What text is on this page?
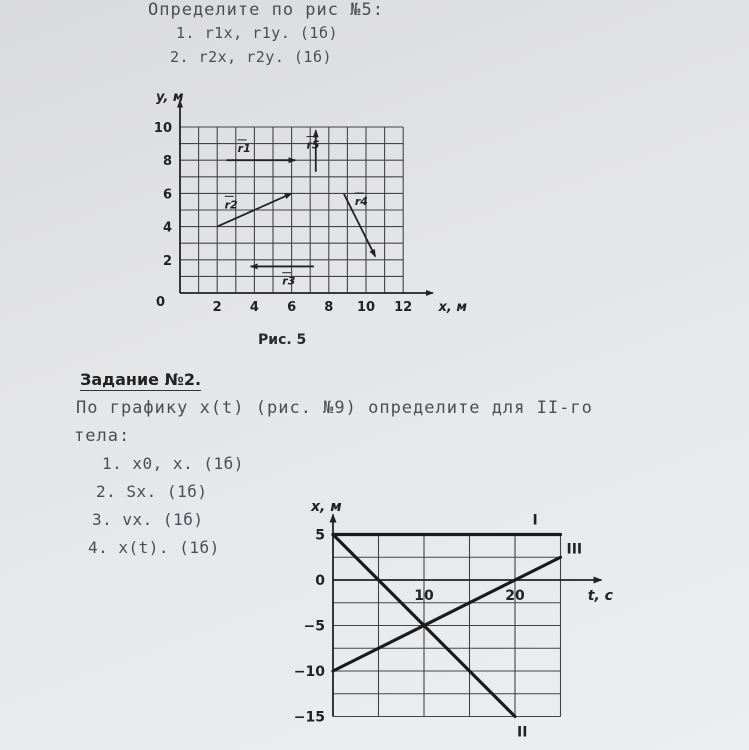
Определите по рис №5:
1. r1x, r1y. (1б)
2. r2x, r2y. (1б)
0	2 4 6 8 10 12
2
4
6
8
10
y, м
x, м
r1
r2
r3
r4
r5
Рис. 5
Задание №2.
По графику x(t) (рис. №9) определите для II-го
тела:
1. x0, x. (1б)
2. Sx. (1б)
3. vx. (1б)
4. x(t). (1б)
I
II
III
10	20
5
0
−5
−10
−15
x, м
t, c
